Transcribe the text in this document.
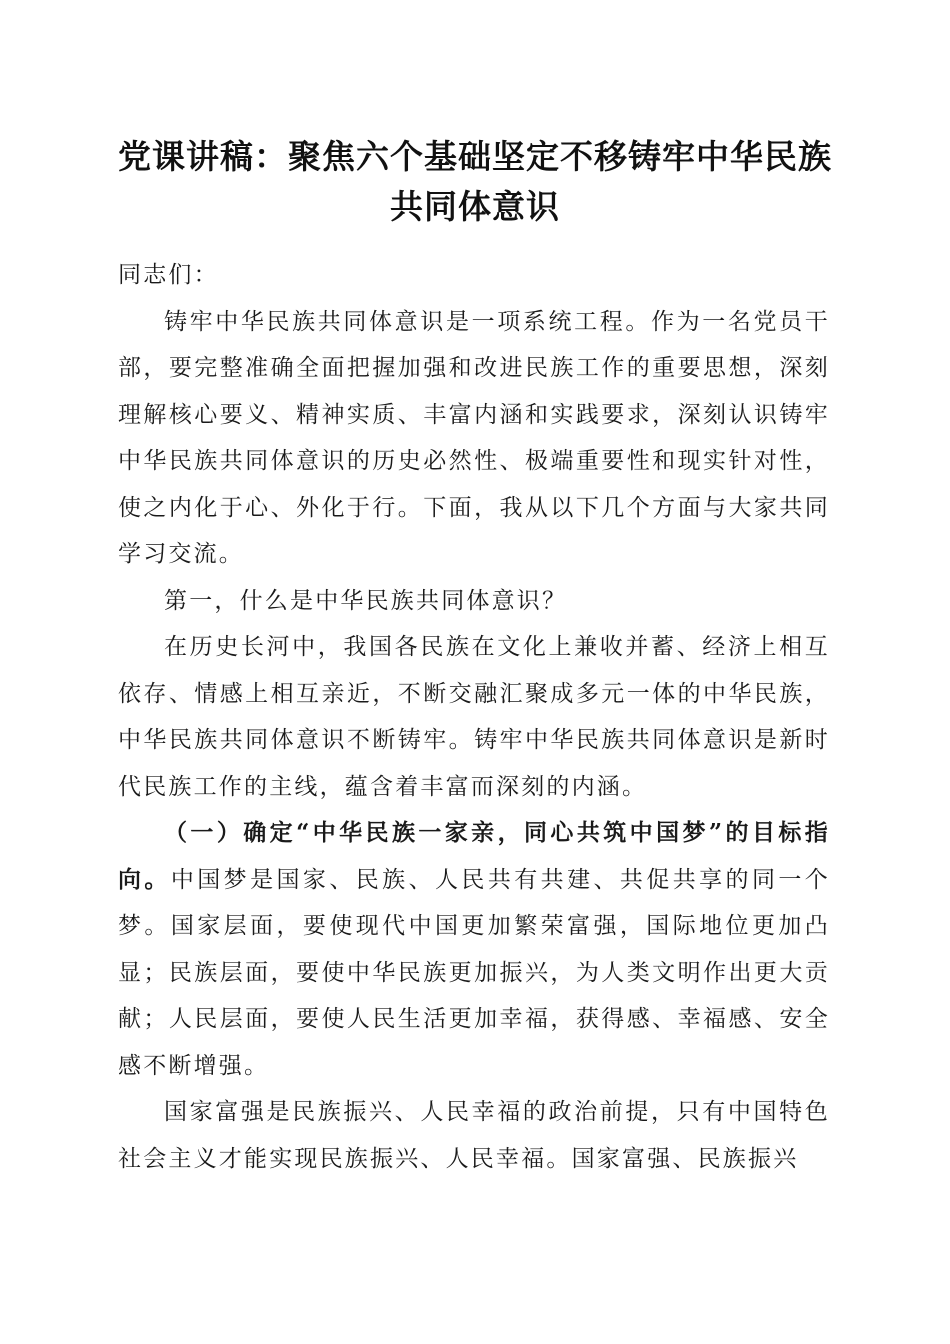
党课讲稿：聚焦六个基础坚定不移铸牢中华民族共同体意识

同志们：

铸牢中华民族共同体意识是一项系统工程。作为一名党员干部，要完整准确全面把握加强和改进民族工作的重要思想，深刻理解核心要义、精神实质、丰富内涵和实践要求，深刻认识铸牢中华民族共同体意识的历史必然性、极端重要性和现实针对性，使之内化于心、外化于行。下面，我从以下几个方面与大家共同学习交流。

第一，什么是中华民族共同体意识？

在历史长河中，我国各民族在文化上兼收并蓄、经济上相互依存、情感上相互亲近，不断交融汇聚成多元一体的中华民族，中华民族共同体意识不断铸牢。铸牢中华民族共同体意识是新时代民族工作的主线，蕴含着丰富而深刻的内涵。

（一）确定“中华民族一家亲，同心共筑中国梦”的目标指向。中国梦是国家、民族、人民共有共建、共促共享的同一个梦。国家层面，要使现代中国更加繁荣富强，国际地位更加凸显；民族层面，要使中华民族更加振兴，为人类文明作出更大贡献；人民层面，要使人民生活更加幸福，获得感、幸福感、安全感不断增强。

国家富强是民族振兴、人民幸福的政治前提，只有中国特色社会主义才能实现民族振兴、人民幸福。国家富强、民族振兴
